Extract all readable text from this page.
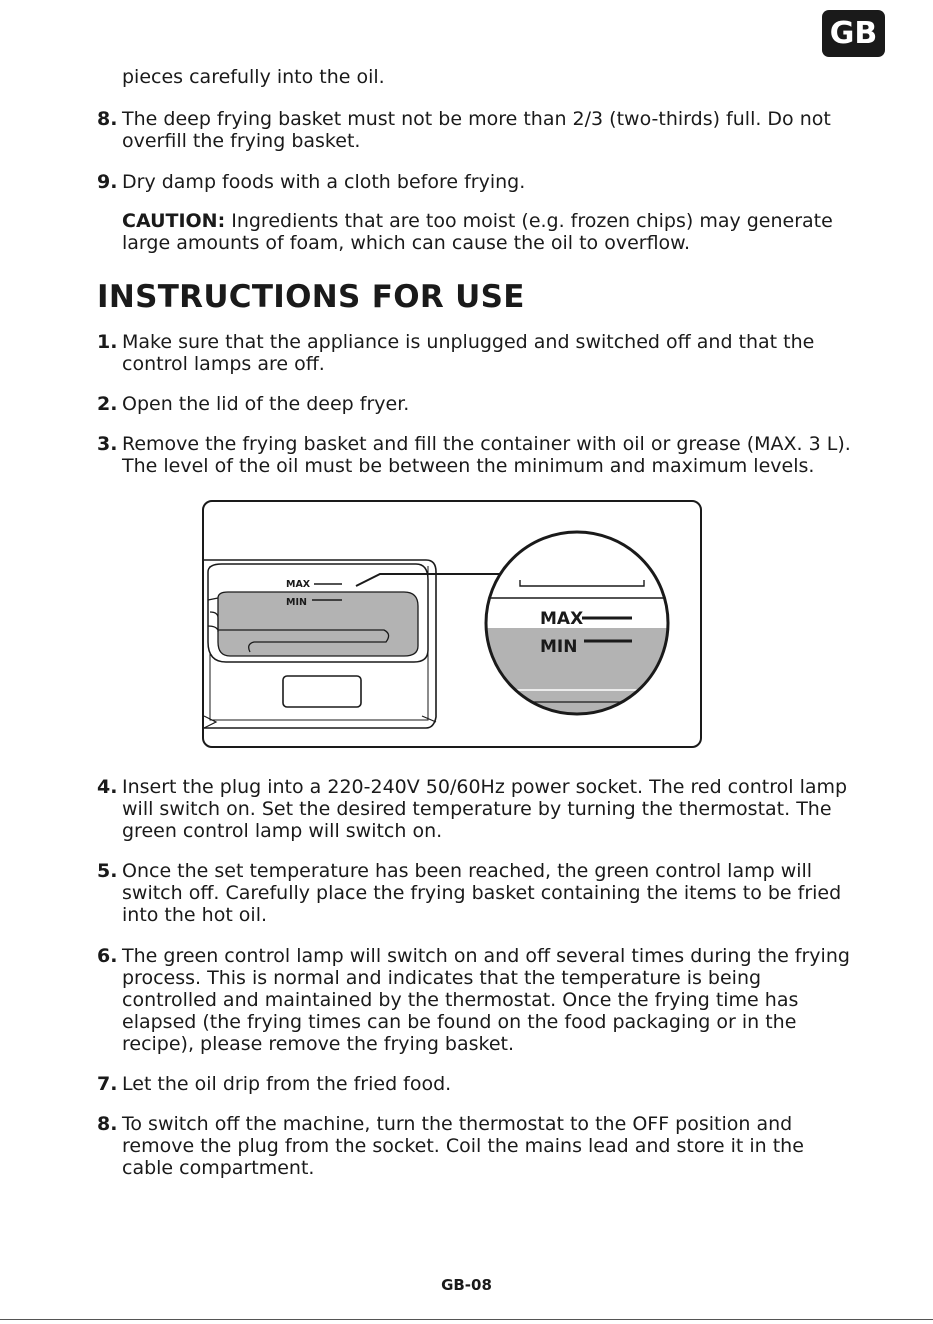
GB
pieces carefully into the oil.
8. The deep frying basket must not be more than 2/3 (two-thirds) full. Do not
overfill the frying basket.
9. Dry damp foods with a cloth before frying.
CAUTION: Ingredients that are too moist (e.g. frozen chips) may generate
large amounts of foam, which can cause the oil to overflow.
INSTRUCTIONS FOR USE
1. Make sure that the appliance is unplugged and switched off and that the
control lamps are off.
2. Open the lid of the deep fryer.
3. Remove the frying basket and fill the container with oil or grease (MAX. 3 L).
The level of the oil must be between the minimum and maximum levels.
MAX
MIN
MAX
MIN
4. Insert the plug into a 220-240V 50/60Hz power socket. The red control lamp
will switch on. Set the desired temperature by turning the thermostat. The
green control lamp will switch on.
5. Once the set temperature has been reached, the green control lamp will
switch off. Carefully place the frying basket containing the items to be fried
into the hot oil.
6. The green control lamp will switch on and off several times during the frying
process. This is normal and indicates that the temperature is being
controlled and maintained by the thermostat. Once the frying time has
elapsed (the frying times can be found on the food packaging or in the
recipe), please remove the frying basket.
7. Let the oil drip from the fried food.
8. To switch off the machine, turn the thermostat to the OFF position and
remove the plug from the socket. Coil the mains lead and store it in the
cable compartment.
GB-08
